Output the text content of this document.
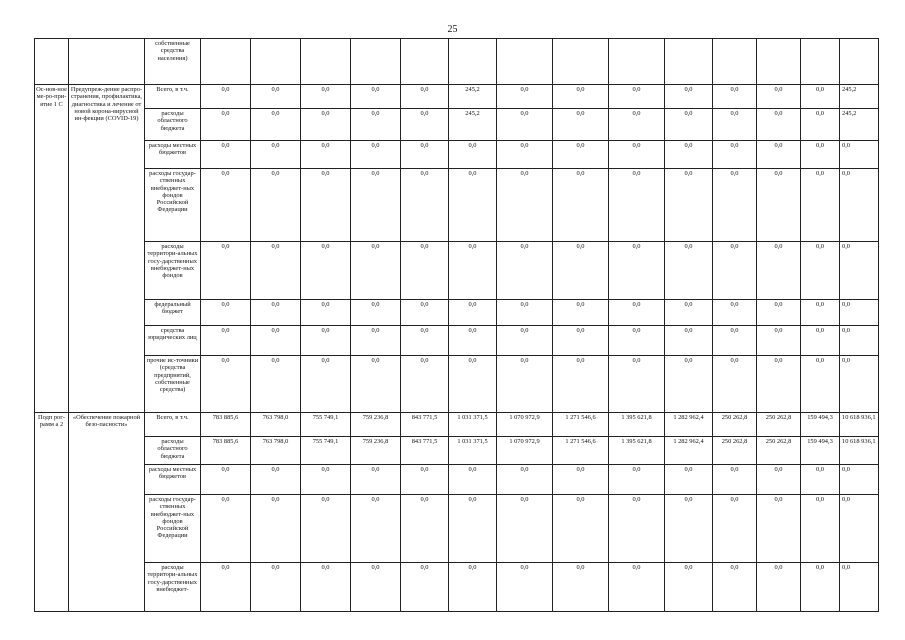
25
		собственные средства населения)														
Ос-нов-ное ме-ро-при-ятие 1 С	Предупреж-дение распро-странения, профилактика, диагностика и лечение от новой корона-вирусной ин-фекции (COVID-19)	Всего, в т.ч.	0,0	0,0	0,0	0,0	0,0	245,2	0,0	0,0	0,0	0,0	0,0	0,0	0,0	245,2
		расходы областного бюджета	0,0	0,0	0,0	0,0	0,0	245,2	0,0	0,0	0,0	0,0	0,0	0,0	0,0	245,2
		расходы местных бюджетов	0,0	0,0	0,0	0,0	0,0	0,0	0,0	0,0	0,0	0,0	0,0	0,0	0,0	0,0
		расходы государ-ственных внебюджет-ных фондов Российской Федерации	0,0	0,0	0,0	0,0	0,0	0,0	0,0	0,0	0,0	0,0	0,0	0,0	0,0	0,0
		расходы территори-альных госу-дарственных внебюджет-ных фондов	0,0	0,0	0,0	0,0	0,0	0,0	0,0	0,0	0,0	0,0	0,0	0,0	0,0	0,0
		федеральный бюджет	0,0	0,0	0,0	0,0	0,0	0,0	0,0	0,0	0,0	0,0	0,0	0,0	0,0	0,0
		средства юридических лиц	0,0	0,0	0,0	0,0	0,0	0,0	0,0	0,0	0,0	0,0	0,0	0,0	0,0	0,0
		прочие ис-точники (средства предприятий, собственные средства)	0,0	0,0	0,0	0,0	0,0	0,0	0,0	0,0	0,0	0,0	0,0	0,0	0,0	0,0
Подп рог-рамм а 2	«Обеспечение пожарной безо-пасности»	Всего, в т.ч.	783 885,6	763 798,0	755 749,1	759 236,8	843 771,5	1 031 371,5	1 070 972,9	1 271 546,6	1 395 621,8	1 282 962,4	250 262,8	250 262,8	159 494,3	10 618 936,1
		расходы областного бюджета	783 885,6	763 798,0	755 749,1	759 236,8	843 771,5	1 031 371,5	1 070 972,9	1 271 546,6	1 395 621,8	1 282 962,4	250 262,8	250 262,8	159 494,3	10 618 936,1
		расходы местных бюджетов	0,0	0,0	0,0	0,0	0,0	0,0	0,0	0,0	0,0	0,0	0,0	0,0	0,0	0,0
		расходы государ-ственных внебюджет-ных фондов Российской Федерации	0,0	0,0	0,0	0,0	0,0	0,0	0,0	0,0	0,0	0,0	0,0	0,0	0,0	0,0
		расходы территори-альных госу-дарственных внебюджет-	0,0	0,0	0,0	0,0	0,0	0,0	0,0	0,0	0,0	0,0	0,0	0,0	0,0	0,0
